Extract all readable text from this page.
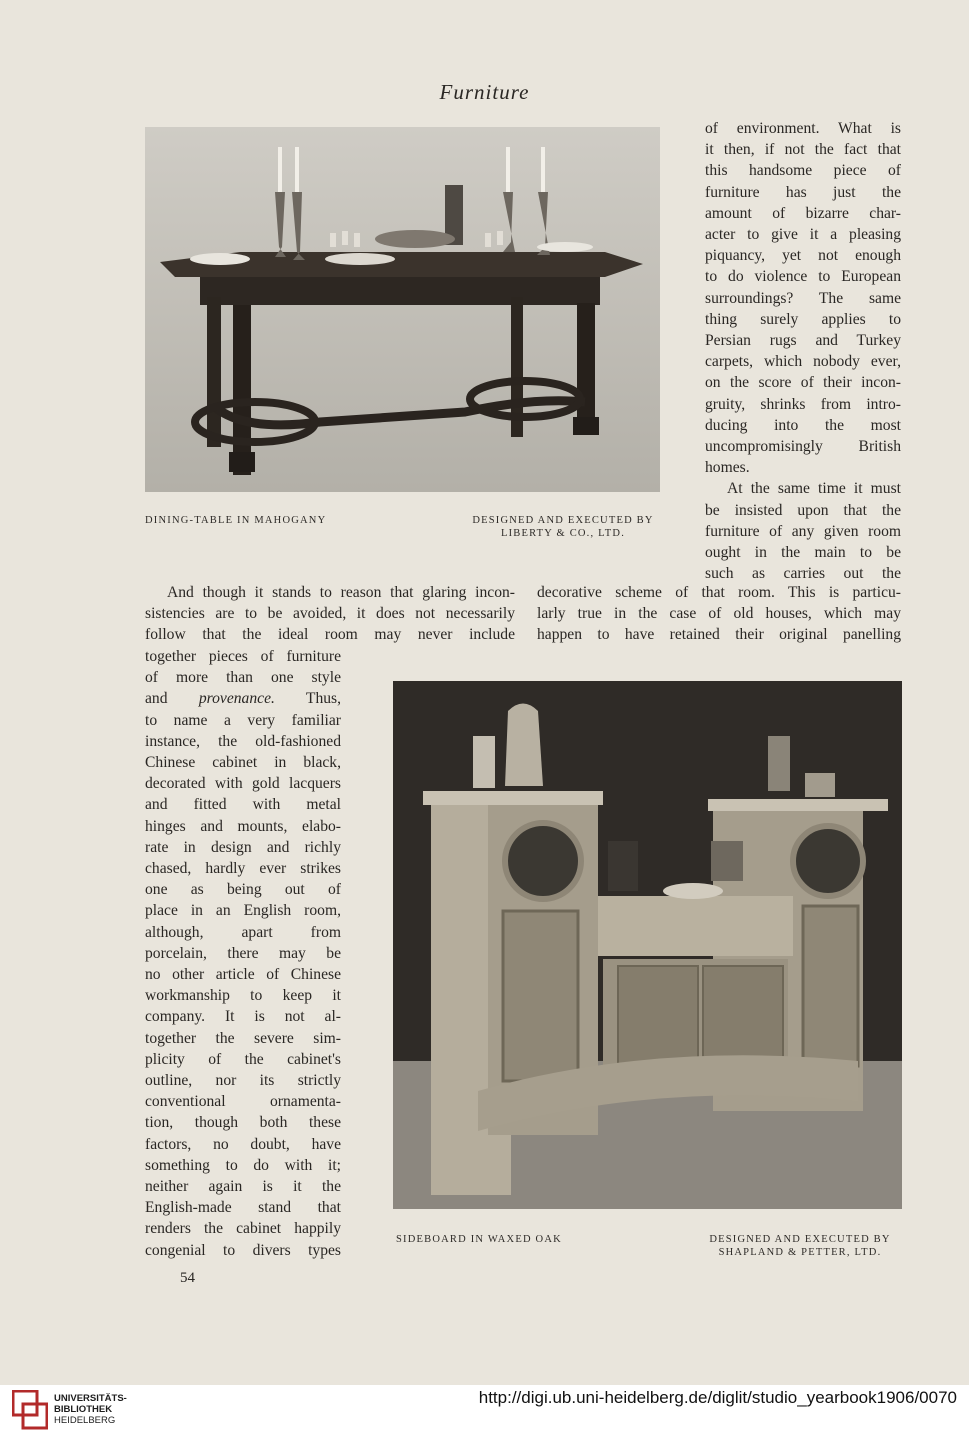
Furniture
DINING-TABLE IN MAHOGANY	DESIGNED AND EXECUTED BY
LIBERTY & CO., LTD.
of environment. What is
it then, if not the fact that
this handsome piece of
furniture has just the
amount of bizarre char-
acter to give it a pleasing
piquancy, yet not enough
to do violence to European
surroundings? The same
thing surely applies to
Persian rugs and Turkey
carpets, which nobody ever,
on the score of their incon-
gruity, shrinks from intro-
ducing into the most
uncompromisingly British
homes.
At the same time it must
be insisted upon that the
furniture of any given room
ought in the main to be
such as carries out the
And though it stands to reason that glaring incon-
sistencies are to be avoided, it does not necessarily
follow that the ideal room may never include
decorative scheme of that room. This is particu-
larly true in the case of old houses, which may
happen to have retained their original panelling
together pieces of furniture
of more than one style
and provenance. Thus,
to name a very familiar
instance, the old-fashioned
Chinese cabinet in black,
decorated with gold lacquers
and fitted with metal
hinges and mounts, elabo-
rate in design and richly
chased, hardly ever strikes
one as being out of
place in an English room,
although, apart from
porcelain, there may be
no other article of Chinese
workmanship to keep it
company. It is not al-
together the severe sim-
plicity of the cabinet's
outline, nor its strictly
conventional ornamenta-
tion, though both these
factors, no doubt, have
something to do with it;
neither again is it the
English-made stand that
renders the cabinet happily
congenial to divers types
SIDEBOARD IN WAXED OAK	DESIGNED AND EXECUTED BY
SHAPLAND & PETTER, LTD.
54
UNIVERSITÄTS-
BIBLIOTHEK
HEIDELBERG
http://digi.ub.uni-heidelberg.de/diglit/studio_yearbook1906/0070
